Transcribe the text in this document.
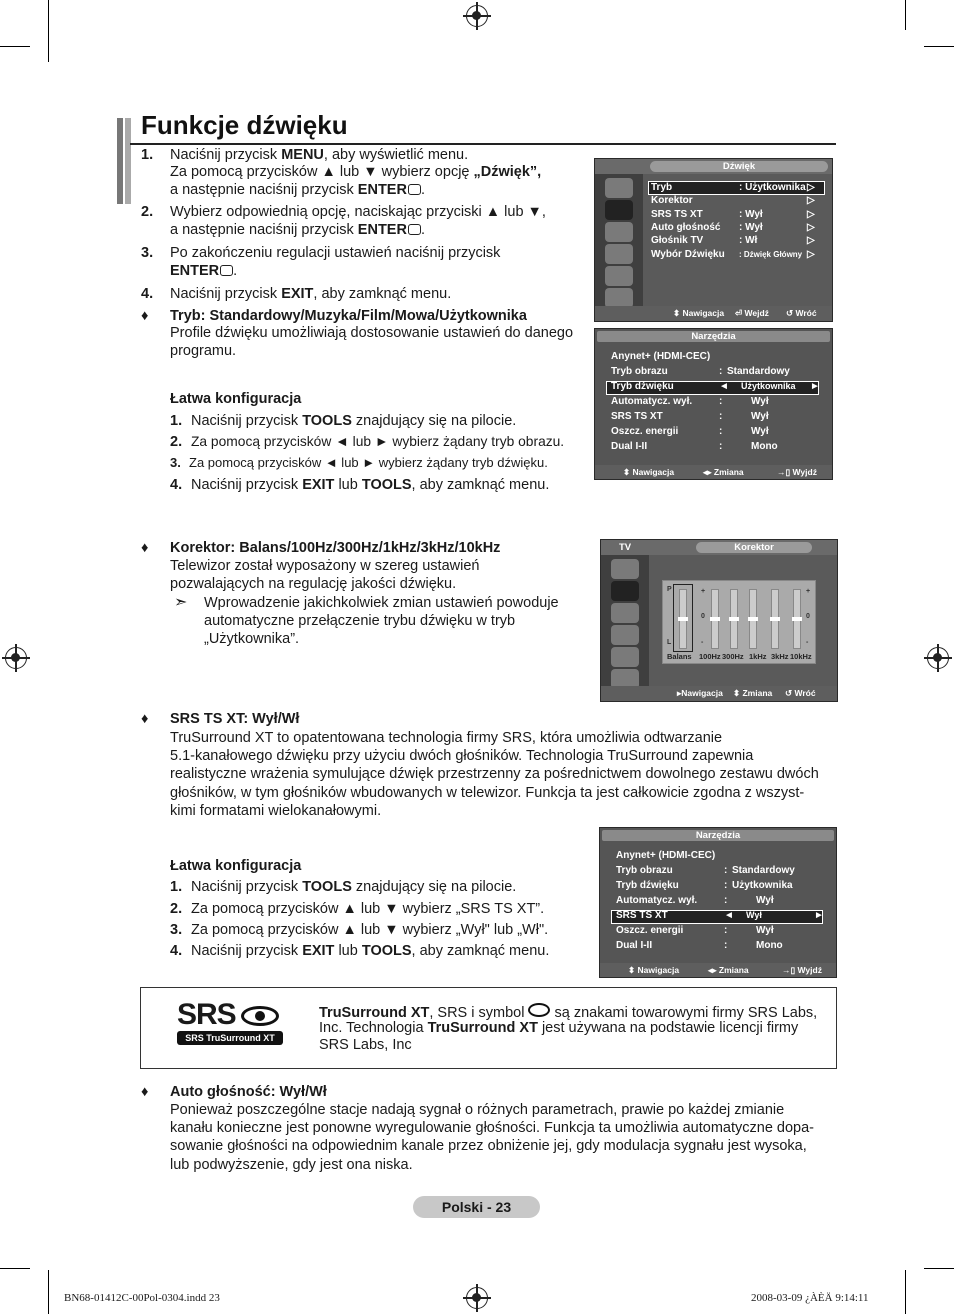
Funkcje dźwięku
1. Naciśnij przycisk MENU, aby wyświetlić menu.
Za pomocą przycisków ▲ lub ▼ wybierz opcję „Dźwięk”,
a następnie naciśnij przycisk ENTER .
2. Wybierz odpowiednią opcję, naciskając przyciski ▲ lub ▼,
a następnie naciśnij przycisk ENTER .
3. Po zakończeniu regulacji ustawień naciśnij przycisk
ENTER .
4. Naciśnij przycisk EXIT, aby zamknąć menu.
♦ Tryb: Standardowy/Muzyka/Film/Mowa/Użytkownika
Profile dźwięku umożliwiają dostosowanie ustawień do danego
programu.
Łatwa konfiguracja
1. Naciśnij przycisk TOOLS znajdujący się na pilocie.
2. Za pomocą przycisków ◄ lub ► wybierz żądany tryb obrazu.
3. Za pomocą przycisków ◄ lub ► wybierz żądany tryb dźwięku.
4. Naciśnij przycisk EXIT lub TOOLS, aby zamknąć menu.
♦ Korektor: Balans/100Hz/300Hz/1kHz/3kHz/10kHz
Telewizor został wyposażony w szereg ustawień
pozwalających na regulację jakości dźwięku.
➣ Wprowadzenie jakichkolwiek zmian ustawień powoduje
automatyczne przełączenie trybu dźwięku w tryb
„Użytkownika”.
♦ SRS TS XT: Wył/Wł
TruSurround XT to opatentowana technologia firmy SRS, która umożliwia odtwarzanie
5.1-kanałowego dźwięku przy użyciu dwóch głośników. Technologia TruSurround zapewnia
realistyczne wrażenia symulujące dźwięk przestrzenny za pośrednictwem dowolnego zestawu dwóch
głośników, w tym głośników wbudowanych w telewizor. Funkcja ta jest całkowicie zgodna z wszyst-
kimi formatami wielokanałowymi.
Łatwa konfiguracja
1. Naciśnij przycisk TOOLS znajdujący się na pilocie.
2. Za pomocą przycisków ▲ lub ▼ wybierz „SRS TS XT”.
3. Za pomocą przycisków ▲ lub ▼ wybierz „Wył" lub „Wł".
4. Naciśnij przycisk EXIT lub TOOLS, aby zamknąć menu.
SRS
SRS TruSurround XT
TruSurround XT, SRS i symbol  są znakami towarowymi firmy SRS Labs,
Inc. Technologia TruSurround XT jest używana na podstawie licencji firmy
SRS Labs, Inc
♦ Auto głośność: Wył/Wł
Ponieważ poszczególne stacje nadają sygnał o różnych parametrach, prawie po każdej zmianie
kanału konieczne jest ponowne wyregulowanie głośności. Funkcja ta umożliwia automatyczne dopa-
sowanie głośności na odpowiednim kanale przez obniżenie jej, gdy modulacja sygnału jest wysoka,
lub podwyższenie, gdy jest ona niska.
Polski - 23
BN68-01412C-00Pol-0304.indd 23	2008-03-09 ¿ÀÈÄ 9:14:11
Dźwięk
Tryb	: Użytkownika ▷
Korektor	▷
SRS TS XT	: Wył	▷
Auto głośność : Wył	▷
Głośnik TV	: Wł	▷
Wybór Dźwięku : Dźwięk Główny ▷
⬍ Nawigacja ⏎ Wejdź ↺ Wróć
Narzędzia
Anynet+ (HDMI-CEC)
Tryb obrazu	: Standardowy
Tryb dźwięku	◄ Użytkownika ►
Automatycz. wył.	:	Wył
SRS TS XT	:	Wył
Oszcz. energii	:	Wył
Dual I-II	:	Mono
⬍ Nawigacja	◂▸ Zmiana	→▯ Wyjdź
TV	Korektor
P
L
+
0
-
+
0
-
Balans 100Hz 300Hz 1kHz 3kHz 10kHz
▸Nawigacja ⬍ Zmiana ↺ Wróć
Narzędzia
Anynet+ (HDMI-CEC)
Tryb obrazu	: Standardowy
Tryb dźwięku	: Użytkownika
Automatycz. wył.	:	Wył
SRS TS XT	◄ Wył	►
Oszcz. energii	:	Wył
Dual I-II	:	Mono
⬍ Nawigacja	◂▸ Zmiana	→▯ Wyjdź
